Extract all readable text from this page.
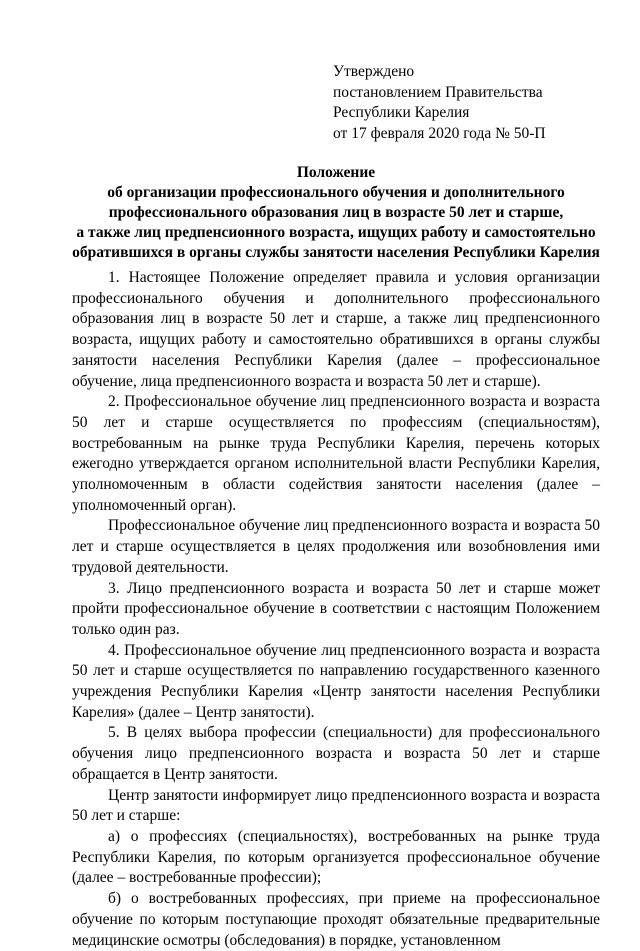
Утверждено
постановлением Правительства
Республики Карелия
от 17 февраля 2020 года № 50-П
Положение
об организации профессионального обучения и дополнительного
профессионального образования лиц в возрасте 50 лет и старше,
а также лиц предпенсионного возраста, ищущих работу и самостоятельно
обратившихся в органы службы занятости населения Республики Карелия

1. Настоящее Положение определяет правила и условия организации профессионального обучения и дополнительного профессионального образования лиц в возрасте 50 лет и старше, а также лиц предпенсионного возраста, ищущих работу и самостоятельно обратившихся в органы службы занятости населения Республики Карелия (далее – профессиональное обучение, лица предпенсионного возраста и возраста 50 лет и старше).

2. Профессиональное обучение лиц предпенсионного возраста и возраста 50 лет и старше осуществляется по профессиям (специальностям), востребованным на рынке труда Республики Карелия, перечень которых ежегодно утверждается органом исполнительной власти Республики Карелия, уполномоченным в области содействия занятости населения (далее – уполномоченный орган).

Профессиональное обучение лиц предпенсионного возраста и возраста 50 лет и старше осуществляется в целях продолжения или возобновления ими трудовой деятельности.

3. Лицо предпенсионного возраста и возраста 50 лет и старше может пройти профессиональное обучение в соответствии с настоящим Положением только один раз.

4. Профессиональное обучение лиц предпенсионного возраста и возраста 50 лет и старше осуществляется по направлению государственного казенного учреждения Республики Карелия «Центр занятости населения Республики Карелия» (далее – Центр занятости).

5. В целях выбора профессии (специальности) для профессионального обучения лицо предпенсионного возраста и возраста 50 лет и старше обращается в Центр занятости.

Центр занятости информирует лицо предпенсионного возраста и возраста 50 лет и старше:

а) о профессиях (специальностях), востребованных на рынке труда Республики Карелия, по которым организуется профессиональное обучение (далее – востребованные профессии);

б) о востребованных профессиях, при приеме на профессиональное обучение по которым поступающие проходят обязательные предварительные медицинские осмотры (обследования) в порядке, установленном
